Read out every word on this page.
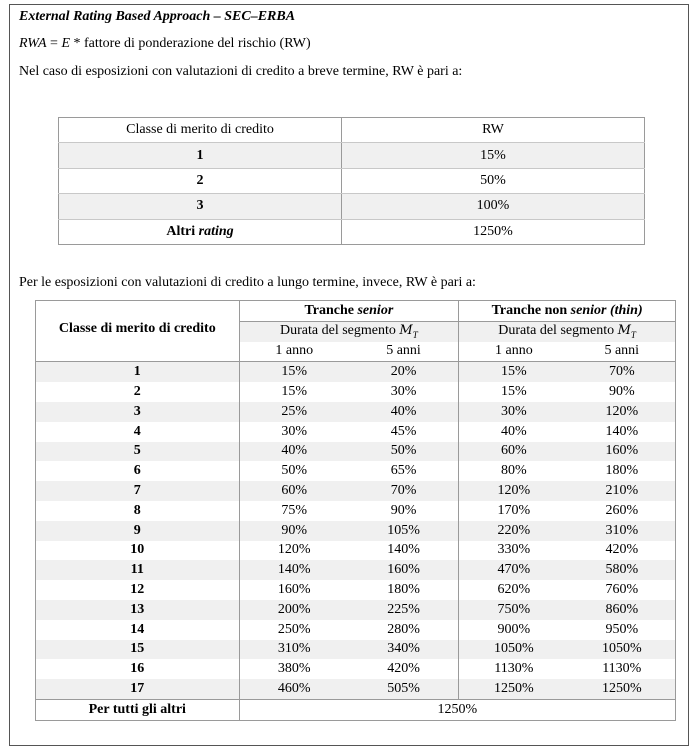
External Rating Based Approach – SEC–ERBA
RWA = E * fattore di ponderazione del rischio (RW)
Nel caso di esposizioni con valutazioni di credito a breve termine, RW è pari a:
Classe di merito di credito	RW
1	15%
2	50%
3	100%
Altri rating	1250%
Per le esposizioni con valutazioni di credito a lungo termine, invece, RW è pari a:
Classe di merito di credito	Tranche senior		Tranche non senior (thin)	
	Durata del segmento $M_T$		Durata del segmento $M_T$
	1 anno	5 anni	1 anno	5 anni
1	15%	20%	15%	70%
2	15%	30%	15%	90%
3	25%	40%	30%	120%
4	30%	45%	40%	140%
5	40%	50%	60%	160%
6	50%	65%	80%	180%
7	60%	70%	120%	210%
8	75%	90%	170%	260%
9	90%	105%	220%	310%
10	120%	140%	330%	420%
11	140%	160%	470%	580%
12	160%	180%	620%	760%
13	200%	225%	750%	860%
14	250%	280%	900%	950%
15	310%	340%	1050%	1050%
16	380%	420%	1130%	1130%
17	460%	505%	1250%	1250%
Per tutti gli altri	1250%			
